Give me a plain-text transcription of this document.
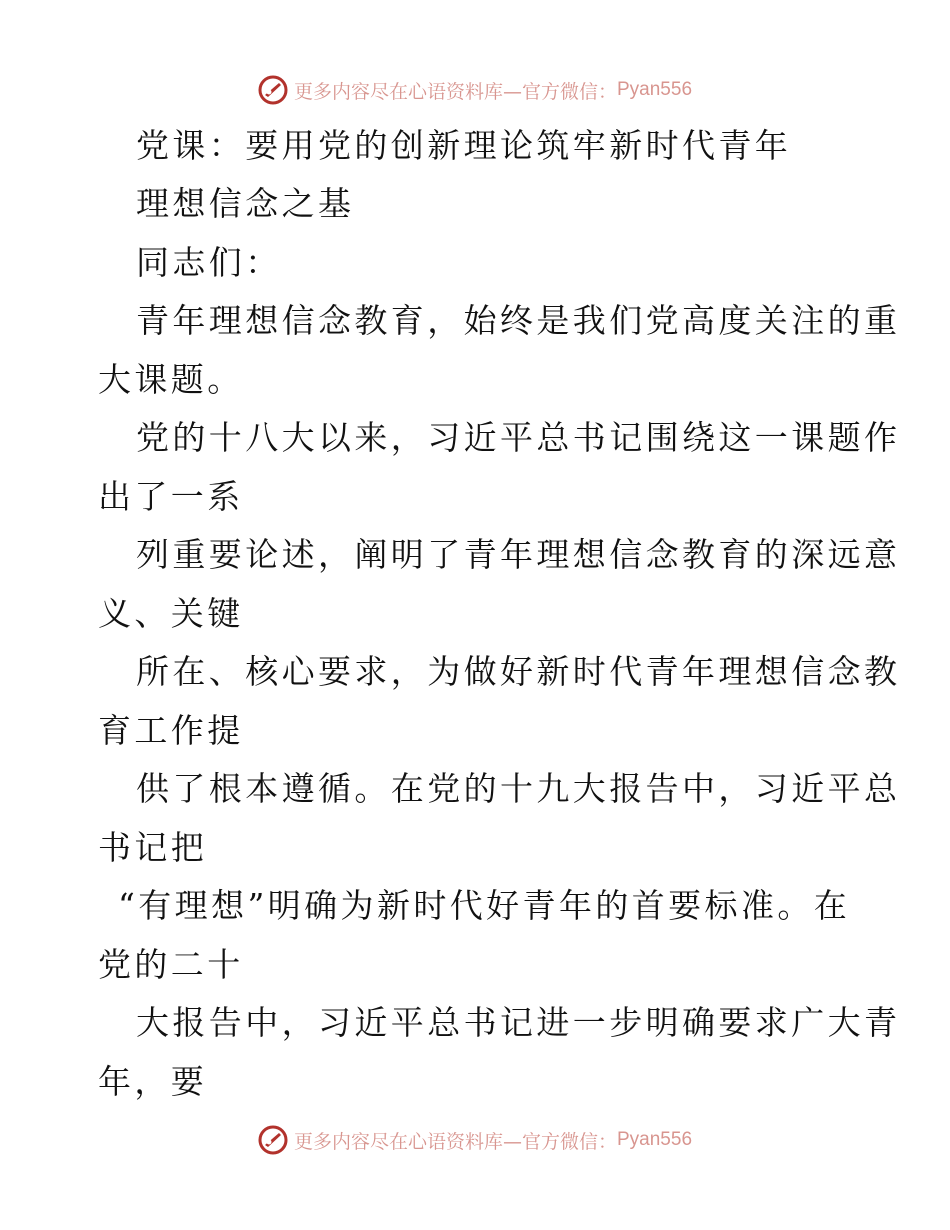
更多内容尽在心语资料库—官方微信： Pyan556
党课：要用党的创新理论筑牢新时代青年
理想信念之基
同志们：
青年理想信念教育，始终是我们党高度关注的重
大课题。
党的十八大以来，习近平总书记围绕这一课题作
出了一系
列重要论述，阐明了青年理想信念教育的深远意
义、关键
所在、核心要求，为做好新时代青年理想信念教
育工作提
供了根本遵循。在党的十九大报告中，习近平总
书记把
“有理想”明确为新时代好青年的首要标准。在
党的二十
大报告中，习近平总书记进一步明确要求广大青
年，要
更多内容尽在心语资料库—官方微信： Pyan556
